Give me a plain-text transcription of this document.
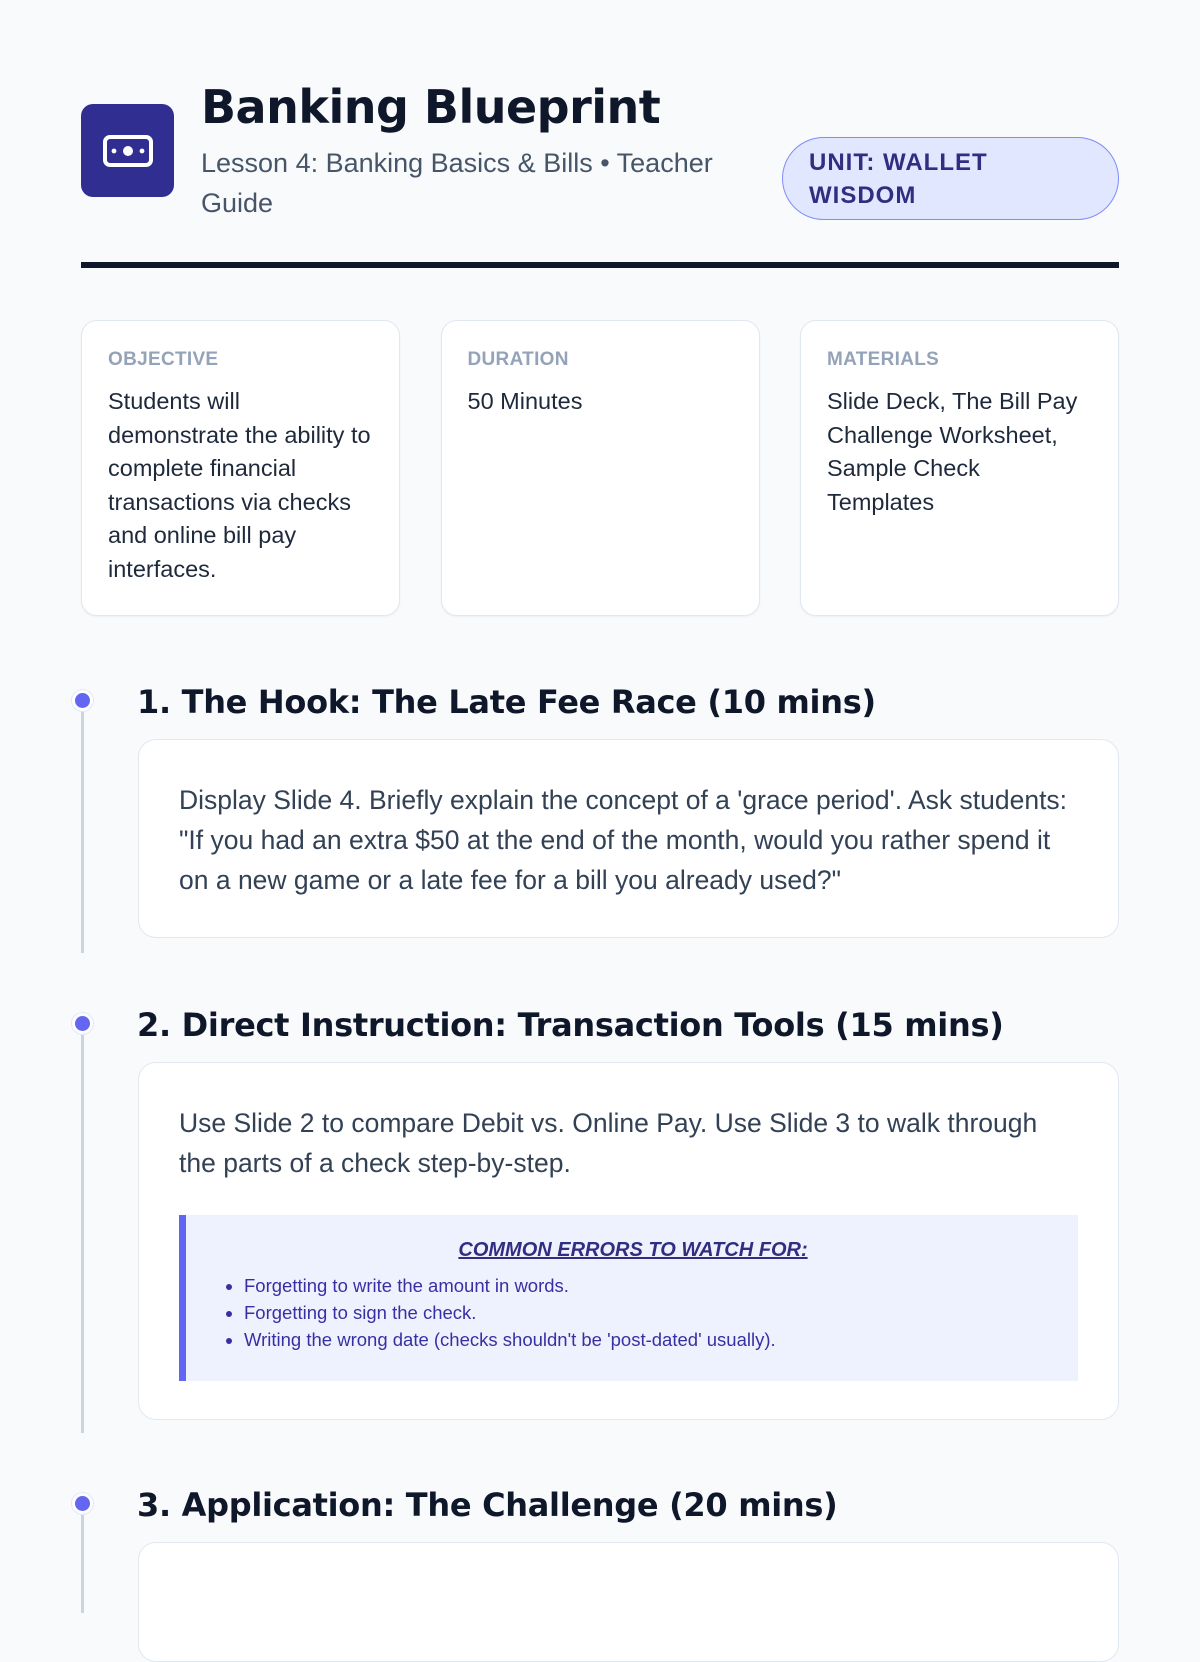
Banking Blueprint
Lesson 4: Banking Basics & Bills • Teacher Guide
UNIT: WALLET WISDOM
OBJECTIVE
Students will demonstrate the ability to complete financial transactions via checks and online bill pay interfaces.
DURATION
50 Minutes
MATERIALS
Slide Deck, The Bill Pay Challenge Worksheet, Sample Check Templates
1. The Hook: The Late Fee Race (10 mins)
Display Slide 4. Briefly explain the concept of a 'grace period'. Ask students: "If you had an extra $50 at the end of the month, would you rather spend it on a new game or a late fee for a bill you already used?"
2. Direct Instruction: Transaction Tools (15 mins)
Use Slide 2 to compare Debit vs. Online Pay. Use Slide 3 to walk through the parts of a check step-by-step.
COMMON ERRORS TO WATCH FOR:
• Forgetting to write the amount in words.
• Forgetting to sign the check.
• Writing the wrong date (checks shouldn't be 'post-dated' usually).
3. Application: The Challenge (20 mins)
